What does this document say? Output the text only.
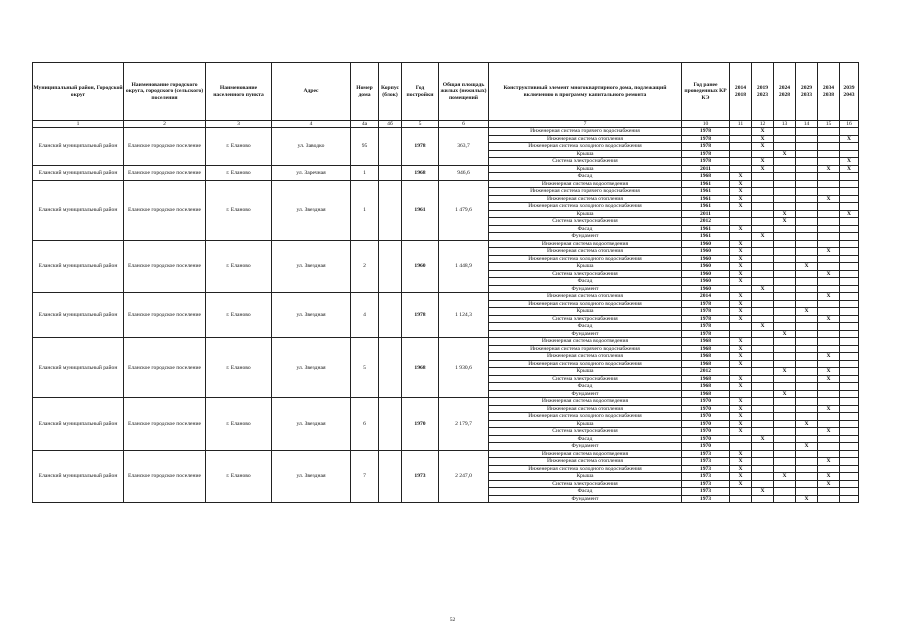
Муниципальный район, Городской округ	Наименование городского округа, городского (сельского) поселения	Наименование населенного пункта	Адрес	Номер дома	Корпус (блок)	Год постройки	Общая площадь жилых (нежилых) помещений	Конструктивный элемент многоквартирного дома, подлежащий включению в программу капитального ремонта	Год ранее проведенных КР КЭ	2014 2018	2019 2023	2024 2028	2029 2033	2034 2038	2039 2043
1	2	3	4	4а	4б	5	6	7	10	11	12	13	14	15	16
Еланский муниципальный район	Еланское городское поселение	г. Еланово	ул. Заводко	95		1978	363,7	Инженерная система горячего водоснабжения	1978		X				
								Инженерная система отопления	1978		X				X
								Инженерная система холодного водоснабжения	1978		X				
								Крыша	1978			X			
								Система электроснабжения	1978		X				X
Еланский муниципальный район	Еланское городское поселение	г. Еланово	ул. Заречная	1		1968	946,6	Крыша	2011		X			X	X
								Фасад	1968	X					
Еланский муниципальный район	Еланское городское поселение	г. Еланово	ул. Звездная	1		1961	1 479,6	Инженерная система водоотведения	1961	X					
								Инженерная система горячего водоснабжения	1961	X					
								Инженерная система отопления	1961	X				X	
								Инженерная система холодного водоснабжения	1961	X					
								Крыша	2011			X			X
								Система электроснабжения	2012			X			
								Фасад	1961	X					
								Фундамент	1961		X				
Еланский муниципальный район	Еланское городское поселение	г. Еланово	ул. Звездная	2		1960	1 448,9	Инженерная система водоотведения	1960	X					
								Инженерная система отопления	1960	X				X	
								Инженерная система холодного водоснабжения	1960	X					
								Крыша	1960	X			X		
								Система электроснабжения	1960	X				X	
								Фасад	1960	X					
								Фундамент	1960		X				
Еланский муниципальный район	Еланское городское поселение	г. Еланово	ул. Звездная	4		1978	1 124,3	Инженерная система отопления	2014	X				X	
								Инженерная система холодного водоснабжения	1978	X					
								Крыша	1978	X			X		
								Система электроснабжения	1978	X				X	
								Фасад	1978		X				
								Фундамент	1978			X			
Еланский муниципальный район	Еланское городское поселение	г. Еланово	ул. Звездная	5		1968	1 930,6	Инженерная система водоотведения	1968	X					
								Инженерная система горячего водоснабжения	1968	X					
								Инженерная система отопления	1968	X				X	
								Инженерная система холодного водоснабжения	1968	X					
								Крыша	2012			X		X	
								Система электроснабжения	1968	X				X	
								Фасад	1968	X					
								Фундамент	1968			X			
Еланский муниципальный район	Еланское городское поселение	г. Еланово	ул. Звездная	6		1970	2 179,7	Инженерная система водоотведения	1970	X					
								Инженерная система отопления	1970	X				X	
								Инженерная система холодного водоснабжения	1970	X					
								Крыша	1970	X			X		
								Система электроснабжения	1970	X				X	
								Фасад	1970		X				
								Фундамент	1970				X		
Еланский муниципальный район	Еланское городское поселение	г. Еланово	ул. Звездная	7		1973	2 247,0	Инженерная система водоотведения	1973	X					
								Инженерная система отопления	1973	X				X	
								Инженерная система холодного водоснабжения	1973	X					
								Крыша	1973	X		X		X	
								Система электроснабжения	1973	X				X	
								Фасад	1973		X				
								Фундамент	1973				X		
52
